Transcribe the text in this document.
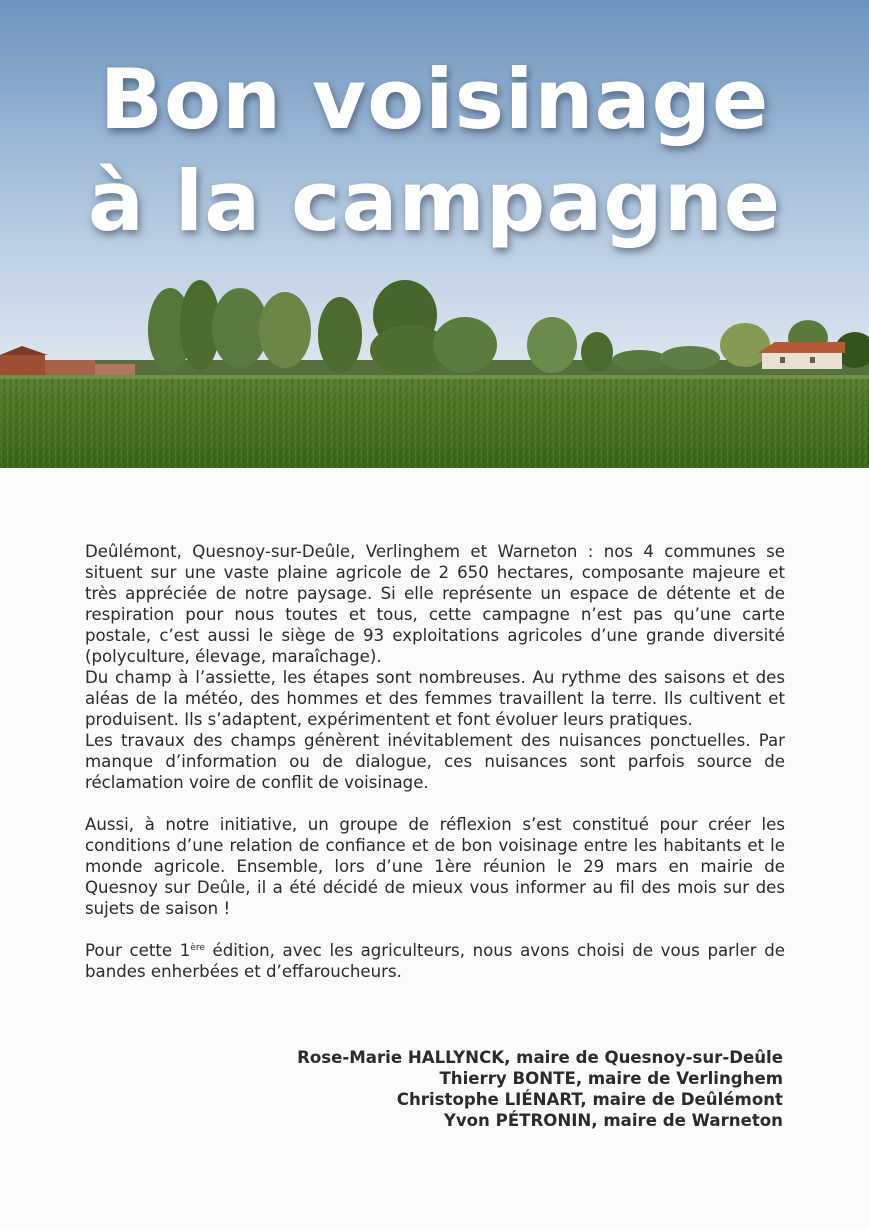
Bon voisinage
à la campagne

Deûlémont, Quesnoy-sur-Deûle, Verlinghem et Warneton : nos 4 communes se situent sur une vaste plaine agricole de 2 650 hectares, composante majeure et très appréciée de notre paysage. Si elle représente un espace de détente et de respiration pour nous toutes et tous, cette campagne n’est pas qu’une carte postale, c’est aussi le siège de 93 exploitations agricoles d’une grande diversité (polyculture, élevage, maraîchage).

Du champ à l’assiette, les étapes sont nombreuses. Au rythme des saisons et des aléas de la météo, des hommes et des femmes travaillent la terre. Ils cultivent et produisent. Ils s’adaptent, expérimentent et font évoluer leurs pratiques.

Les travaux des champs génèrent inévitablement des nuisances ponctuelles. Par manque d’information ou de dialogue, ces nuisances sont parfois source de réclamation voire de conflit de voisinage.

Aussi, à notre initiative, un groupe de réflexion s’est constitué pour créer les conditions d’une relation de confiance et de bon voisinage entre les habitants et le monde agricole. Ensemble, lors d’une 1ère réunion le 29 mars en mairie de Quesnoy sur Deûle, il a été décidé de mieux vous informer au fil des mois sur des sujets de saison !

Pour cette 1ère édition, avec les agriculteurs, nous avons choisi de vous parler de bandes enherbées et d’effaroucheurs.

Rose-Marie HALLYNCK, maire de Quesnoy-sur-Deûle
Thierry BONTE, maire de Verlinghem
Christophe LIÉNART, maire de Deûlémont
Yvon PÉTRONIN, maire de Warneton
